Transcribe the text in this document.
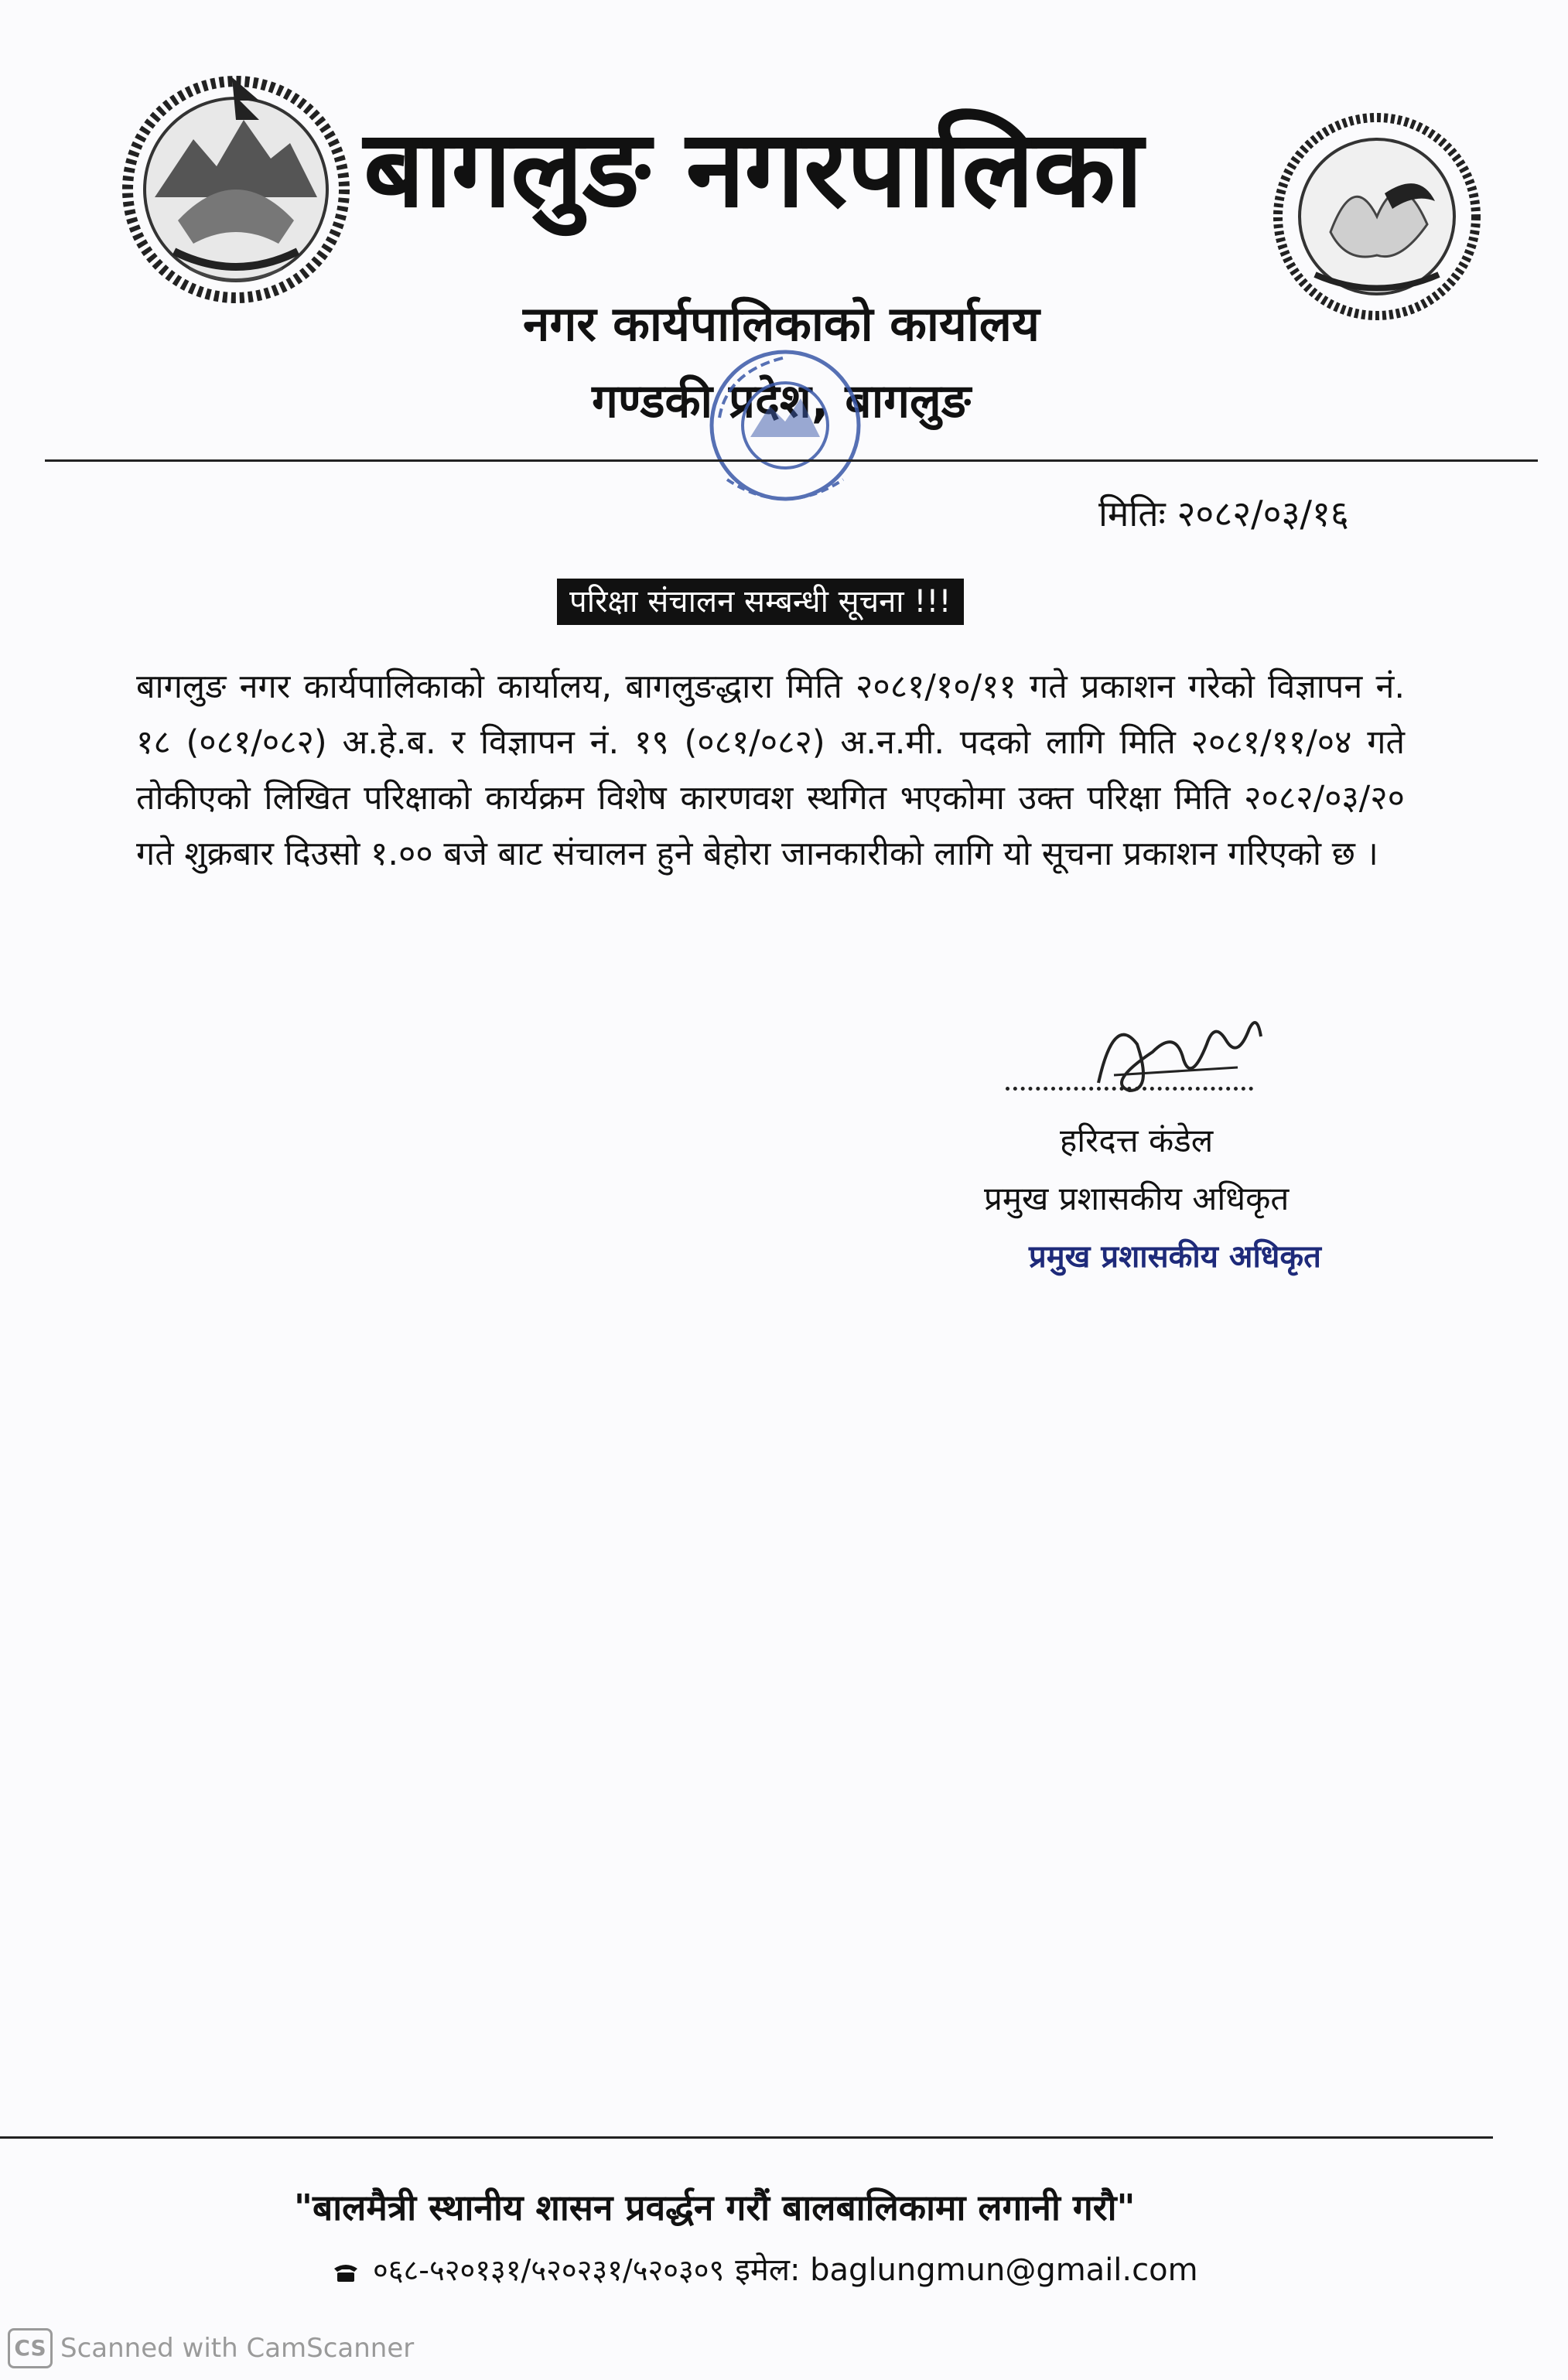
बागलुङ नगरपालिका
नगर कार्यपालिकाको कार्यालय
गण्डकी प्रदेश, बागलुङ
मितिः २०८२/०३/१६
परिक्षा संचालन सम्बन्धी सूचना !!!
बागलुङ नगर कार्यपालिकाको कार्यालय, बागलुङद्धारा मिति २०८१/१०/११ गते प्रकाशन गरेको विज्ञापन नं. १८ (०८१/०८२) अ.हे.ब. र विज्ञापन नं. १९ (०८१/०८२) अ.न.मी. पदको लागि मिति २०८१/११/०४ गते तोकीएको लिखित परिक्षाको कार्यक्रम विशेष कारणवश स्थगित भएकोमा उक्त परिक्षा मिति २०८२/०३/२० गते शुक्रबार दिउसो १.०० बजे बाट संचालन हुने बेहोरा जानकारीको लागि यो सूचना प्रकाशन गरिएको छ ।
हरिदत्त कंडेल
प्रमुख प्रशासकीय अधिकृत
प्रमुख प्रशासकीय अधिकृत
"बालमैत्री स्थानीय शासन प्रवर्द्धन गरौं बालबालिकामा लगानी गरौ"
०६८-५२०१३१/५२०२३१/५२०३०९ इमेल: baglungmun@gmail.com
CS Scanned with CamScanner
